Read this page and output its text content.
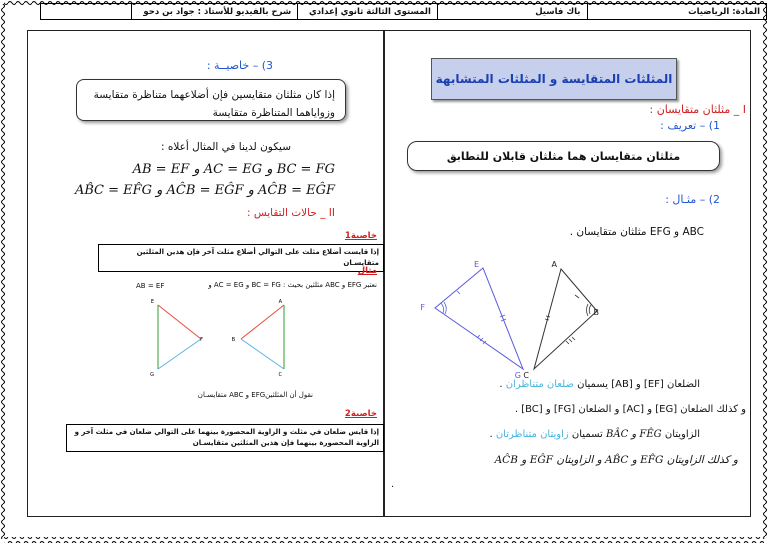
المادة: الرياضيات
باك فاسيل
المستوى الثالثة ثانوي إعدادي
شرح بالفيديو للأستاذ : جواد بن دحو
المثلثات المتقايسة و المثلثات المتشابهة
I _ مثلثان متقايسان :
1) – تعريف :
مثلثان متقايسان هما مثلثان قابلان للتطابق
2) – مثـال :
ABC و EFG مثلثان متقايسان .
E
F
G
A
B
C
الضلعان [EF] و [AB] يسميان ضلعان متناظران .
و كذلك الضلعان [EG] و [AC] و الضلعان [FG] و [BC] .
الزاويتان FÊG و BÂC تسميان زاويتان متناظرتان .
و كذلك الزاويتان EF̂G و AB̂C و الزاويتان EĜF و AĈB
.
3) – خاصيــة :
إذا كان مثلثان متقايسين فإن أضلاعهما متناظرة متقايسة وزواياهما المتناظرة متقايسة
سيكون لدينا في المثال أعلاه :
BC = FG و AC = EG و AB = EF
AĈB = EĜF و AĈB = EĜF و AB̂C = EF̂G
II _ حالات التقايس :
خاصية1
إذا قايست أضلاع مثلث على التوالي أضلاع مثلث آخر فإن هذين المثلثين متقايسـان
مثال
نعتبر EFG و ABC مثلثين بحيث : BC = FG و AC = EG و
AB = EF
E	A
F	B
G	C
نقول أن المثلثينEFG و ABC متقايسـان
خاصية2
إذا قايس ضلعان في مثلث و الزاوية المحصورة بينهما على التوالي ضلعان في مثلث آخر و الزاوية المحصورة بينهما فإن هذين المثلثين متقايسـان
